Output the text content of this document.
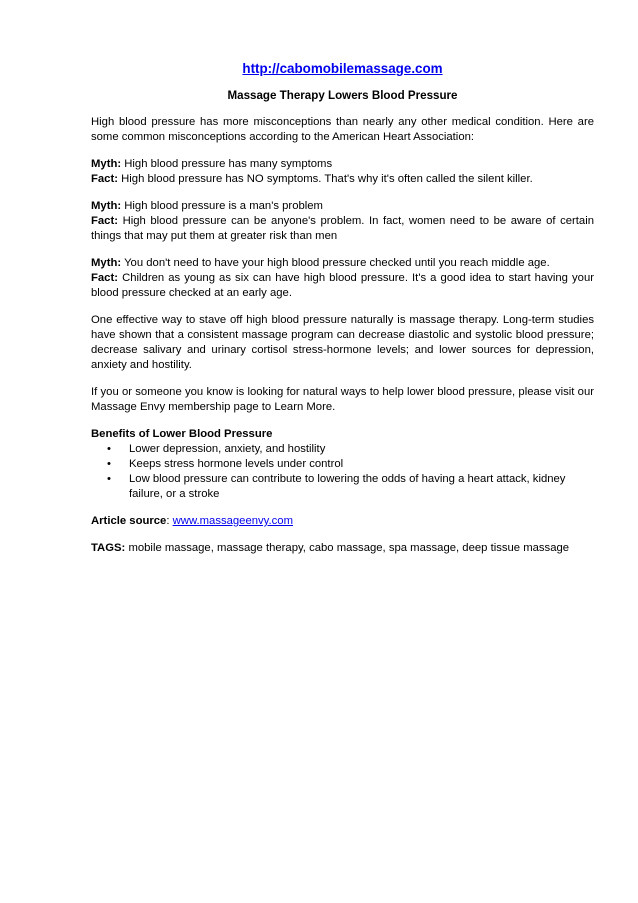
http://cabomobilemassage.com
Massage Therapy Lowers Blood Pressure

High blood pressure has more misconceptions than nearly any other medical condition. Here are some common misconceptions according to the American Heart Association:

Myth: High blood pressure has many symptoms
Fact: High blood pressure has NO symptoms. That's why it's often called the silent killer.

Myth: High blood pressure is a man's problem
Fact: High blood pressure can be anyone's problem. In fact, women need to be aware of certain things that may put them at greater risk than men

Myth: You don't need to have your high blood pressure checked until you reach middle age.
Fact: Children as young as six can have high blood pressure. It's a good idea to start having your blood pressure checked at an early age.

One effective way to stave off high blood pressure naturally is massage therapy. Long-term studies have shown that a consistent massage program can decrease diastolic and systolic blood pressure; decrease salivary and urinary cortisol stress-hormone levels; and lower sources for depression, anxiety and hostility.

If you or someone you know is looking for natural ways to help lower blood pressure, please visit our Massage Envy membership page to Learn More.

Benefits of Lower Blood Pressure
• Lower depression, anxiety, and hostility
• Keeps stress hormone levels under control
• Low blood pressure can contribute to lowering the odds of having a heart attack, kidney failure, or a stroke

Article source: www.massageenvy.com

TAGS: mobile massage, massage therapy, cabo massage, spa massage, deep tissue massage
